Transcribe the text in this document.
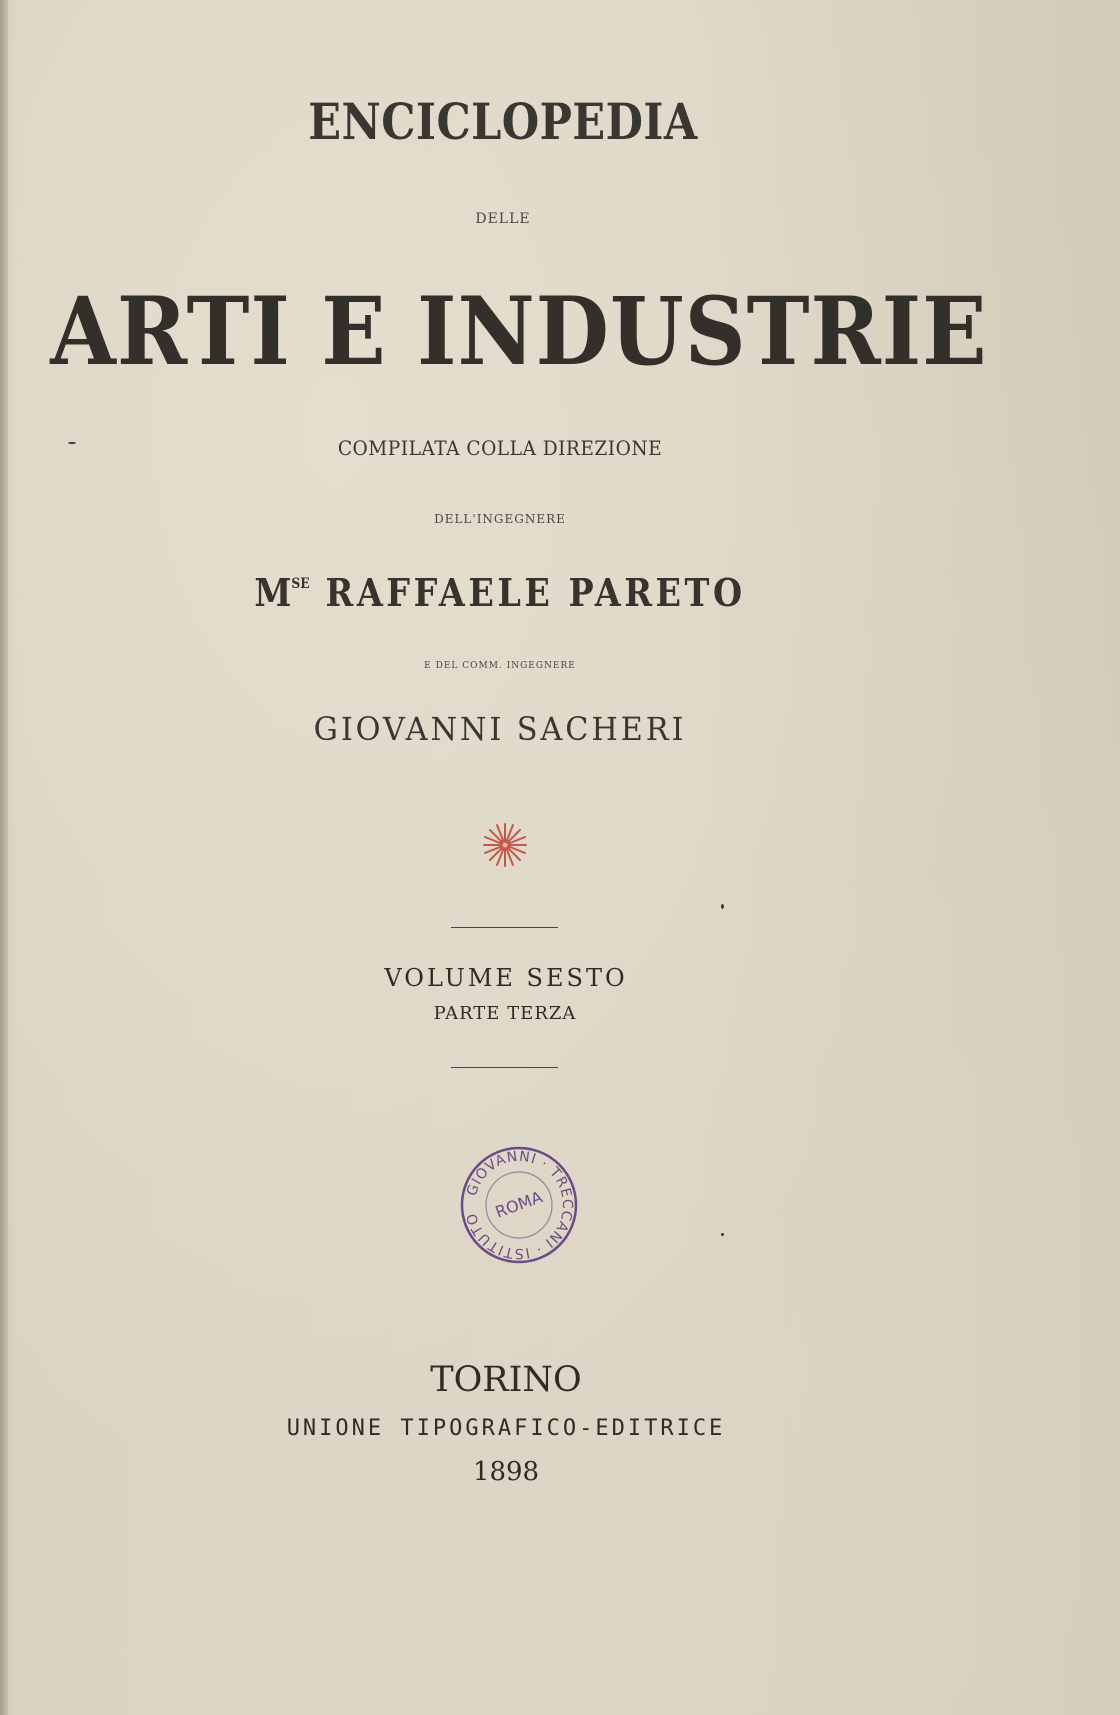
ENCICLOPEDIA
DELLE
ARTI E INDUSTRIE
COMPILATA COLLA DIREZIONE
DELL'INGEGNERE
$M^{SE}$ RAFFAELE PARETO
E DEL COMM. INGEGNERE
GIOVANNI SACHERI
VOLUME SESTO
PARTE TERZA
GIOVANNI · TRECCANI · ISTITUTO ROMA
TORINO
UNIONE TIPOGRAFICO-EDITRICE
1898
